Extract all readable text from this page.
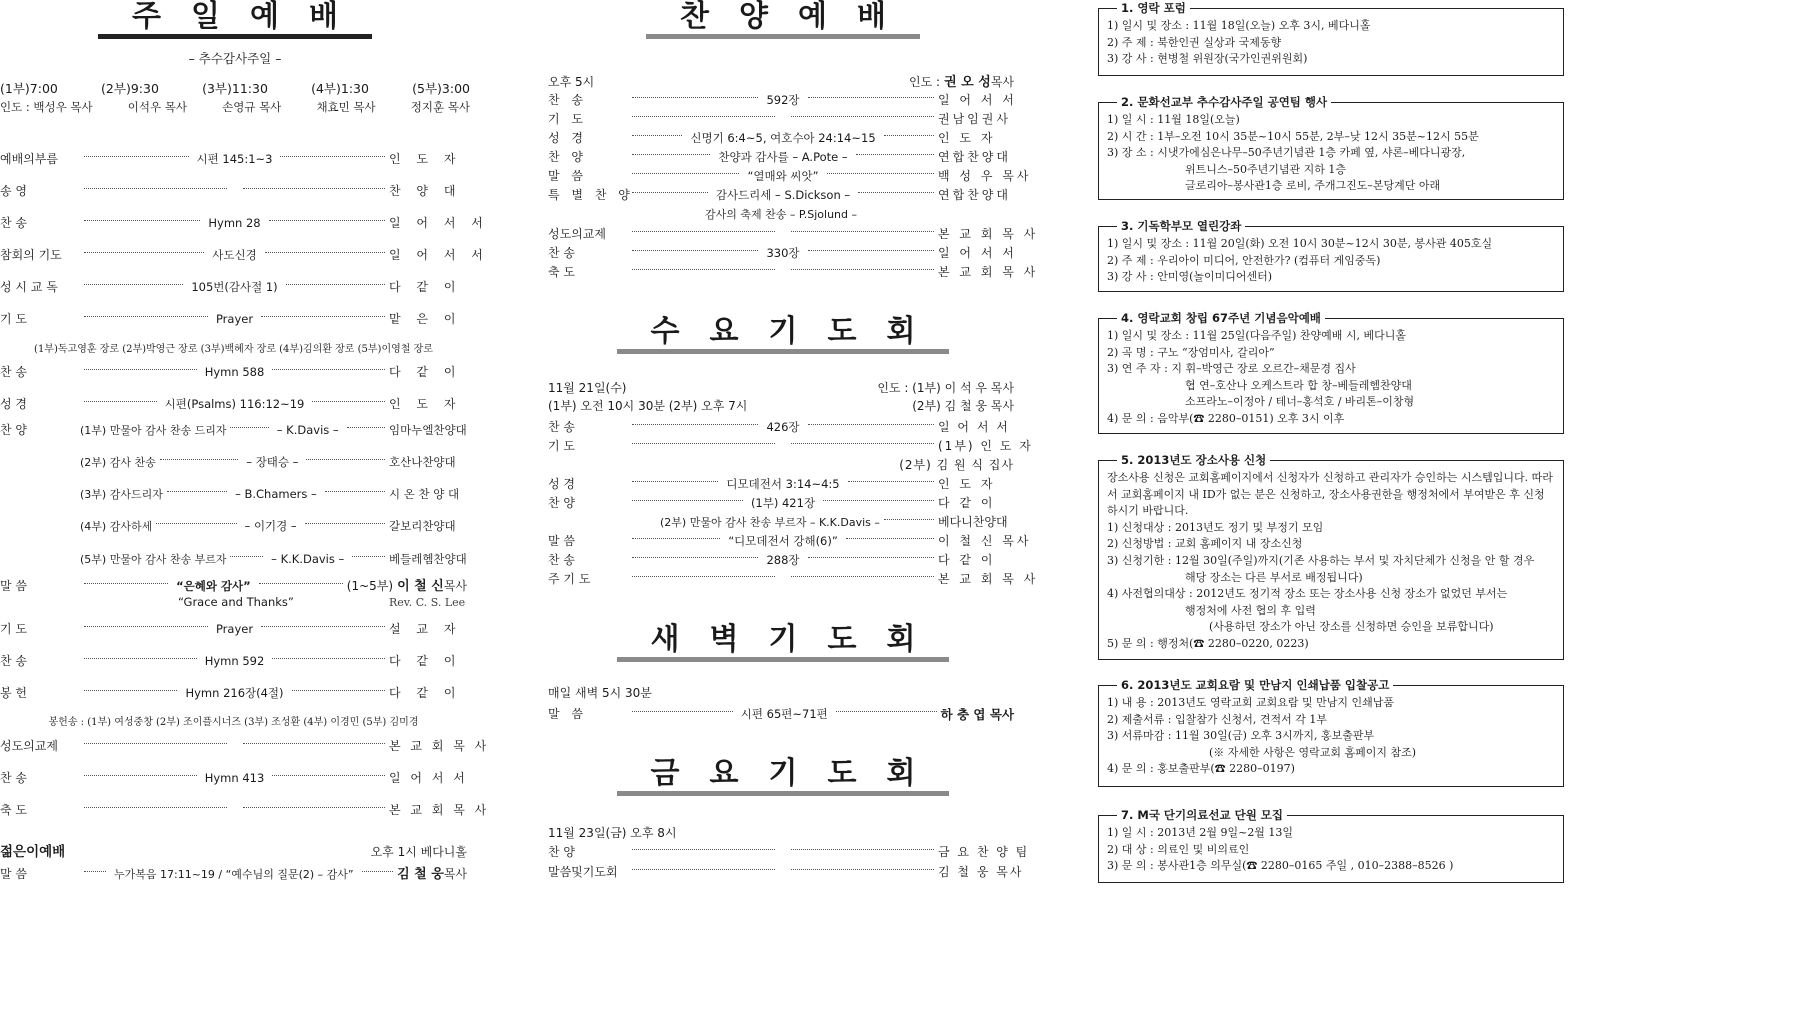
주일예배
– 추수감사주일 –
(1부)7:00	(2부)9:30	(3부)11:30	(4부)1:30	(5부)3:00
인도 : 백성우 목사	이석우 목사	손영규 목사	채효민 목사	정지훈 목사
예배의부름	시편 145:1~3	인 도 자
송 영	찬 양 대
찬 송	Hymn 28	일 어 서 서
참회의 기도	사도신경	일 어 서 서
성 시 교 독	105번(감사절 1)	다 같 이
기 도	Prayer	맡 은 이
(1부)독고영훈 장로 (2부)박영근 장로 (3부)백혜자 장로 (4부)김의환 장로 (5부)이영철 장로
찬 송	Hymn 588	다 같 이
성 경	시편(Psalms) 116:12~19	인 도 자
찬 양	(1부) 만물아 감사 찬송 드리자	– K.Davis –	임마누엘찬양대
(2부) 감사 찬송	– 장태승 –	호산나찬양대
(3부) 감사드리자	– B.Chamers –	시 온 찬 양 대
(4부) 감사하세	– 이기경 –	갈보리찬양대
(5부) 만물아 감사 찬송 부르자	– K.K.Davis –	베들레헴찬양대
말 씀	“은혜와 감사”	(1~5부) 이 철 신 목사
“Grace and Thanks”	Rev. C. S. Lee
기 도	Prayer	설 교 자
찬 송	Hymn 592	다 같 이
봉 헌	Hymn 216장(4절)	다 같 이
봉헌송 : (1부) 여성중창 (2부) 조이플시너즈 (3부) 조성환 (4부) 이경민 (5부) 김미경
성도의교제	본 교 회 목 사
찬 송	Hymn 413	일 어 서 서
축 도	본 교 회 목 사
젊은이예배	오후 1시 베다니홀
말 씀	누가복음 17:11~19 / “예수님의 질문(2) – 감사”	김 철 웅 목사
찬양예배
오후 5시	인도 : 권 오 성목사
찬 송	592장	일 어 서 서
기 도	권남임권사
성 경	신명기 6:4~5, 여호수아 24:14~15	인 도 자
찬 양	찬양과 감사를 – A.Pote –	연합찬양대
말 씀	“열매와 씨앗”	백 성 우 목사
특 별 찬 양	감사드리세 – S.Dickson –	연합찬양대
감사의 축제 찬송 – P.Sjolund –
성도의교제	본 교 회 목 사
찬 송	330장	일 어 서 서
축 도	본 교 회 목 사
수요기도회
11월 21일(수)	인도 : (1부) 이 석 우 목사
(1부) 오전 10시 30분 (2부) 오후 7시	(2부) 김 철 웅 목사
찬 송	426장	일 어 서 서
기 도	(1부) 인 도 자
(2부) 김 원 식 집사
성 경	디모데전서 3:14~4:5	인 도 자
찬 양	(1부) 421장	다 같 이
(2부) 만물아 감사 찬송 부르자 – K.K.Davis –	베다니찬양대
말 씀	“디모데전서 강해(6)”	이 철 신 목사
찬 송	288장	다 같 이
주 기 도	본 교 회 목 사
새벽기도회
매일 새벽 5시 30분
말 씀	시편 65편~71편	하 충 엽 목사
금요기도회
11월 23일(금) 오후 8시
찬 양	금 요 찬 양 팀
말씀및기도회	김 철 웅 목사
1. 영락 포럼
1) 일시 및 장소 : 11월 18일(오늘) 오후 3시, 베다니홀
2) 주 제 : 북한인권 실상과 국제동향
3) 강 사 : 현병철 위원장(국가인권위원회)
2. 문화선교부 추수감사주일 공연팀 행사
1) 일 시 : 11월 18일(오늘)
2) 시 간 : 1부–오전 10시 35분~10시 55분, 2부–낮 12시 35분~12시 55분
3) 장 소 : 시냇가에심은나무–50주년기념관 1층 카페 옆, 샤론–베다니광장,
위트니스–50주년기념관 지하 1층
글로리아–봉사관1층 로비, 주개그진도–본당계단 아래
3. 기독학부모 열린강좌
1) 일시 및 장소 : 11월 20일(화) 오전 10시 30분~12시 30분, 봉사관 405호실
2) 주 제 : 우리아이 미디어, 안전한가? (컴퓨터 게임중독)
3) 강 사 : 안미영(놀이미디어센터)
4. 영락교회 창립 67주년 기념음악예배
1) 일시 및 장소 : 11월 25일(다음주일) 찬양예배 시, 베다니홀
2) 곡 명 : 구노 “장엄미사, 갈리아”
3) 연 주 자 : 지 휘–박영근 장로 오르간–채문경 집사
협 연–호산나 오케스트라 합 창–베들레헴찬양대
소프라노–이정아 / 테너–홍석호 / 바리톤–이창형
4) 문 의 : 음악부(☎ 2280–0151) 오후 3시 이후
5. 2013년도 장소사용 신청
장소사용 신청은 교회홈페이지에서 신청자가 신청하고 관리자가 승인하는 시스템입니다. 따라서 교회홈페이지 내 ID가 없는 분은 신청하고, 장소사용권한을 행정처에서 부여받은 후 신청하시기 바랍니다.
1) 신청대상 : 2013년도 정기 및 부정기 모임
2) 신청방법 : 교회 홈페이지 내 장소신청
3) 신청기한 : 12월 30일(주일)까지(기존 사용하는 부서 및 자치단체가 신청을 안 할 경우
해당 장소는 다른 부서로 배정됩니다)
4) 사전협의대상 : 2012년도 정기적 장소 또는 장소사용 신청 장소가 없었던 부서는
행정처에 사전 협의 후 입력
(사용하던 장소가 아닌 장소를 신청하면 승인을 보류합니다)
5) 문 의 : 행정처(☎ 2280–0220, 0223)
6. 2013년도 교회요람 및 만남지 인쇄납품 입찰공고
1) 내 용 : 2013년도 영락교회 교회요람 및 만남지 인쇄납품
2) 제출서류 : 입찰참가 신청서, 견적서 각 1부
3) 서류마감 : 11월 30일(금) 오후 3시까지, 홍보출판부
(※ 자세한 사항은 영락교회 홈페이지 참조)
4) 문 의 : 홍보출판부(☎ 2280–0197)
7. M국 단기의료선교 단원 모집
1) 일 시 : 2013년 2월 9일~2월 13일
2) 대 상 : 의료인 및 비의료인
3) 문 의 : 봉사관1층 의무실(☎ 2280–0165 주일 , 010–2388–8526 )
